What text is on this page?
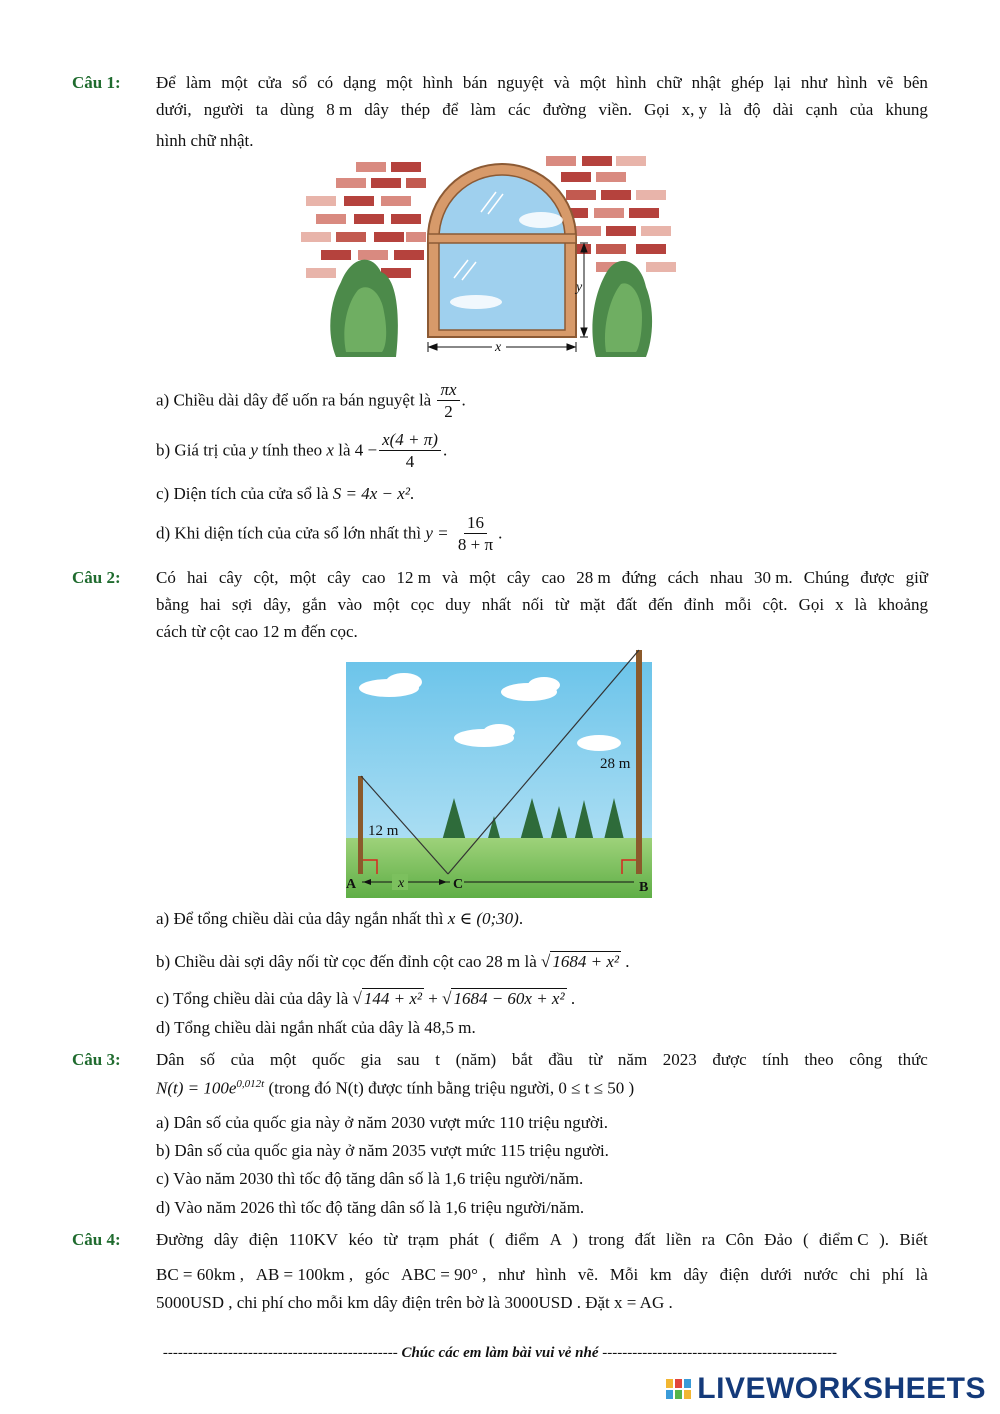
Câu 1: Để làm một cửa sổ có dạng một hình bán nguyệt và một hình chữ nhật ghép lại như hình vẽ bên
dưới, người ta dùng 8 m dây thép để làm các đường viền. Gọi x, y là độ dài cạnh của khung
hình chữ nhật.
y
x
a) Chiều dài dây để uốn ra bán nguyệt là $\frac{\pi x}{2}$ .
b) Giá trị của y tính theo x là $4 - \frac{x(4 + \pi)}{4}$ .
c) Diện tích của cửa sổ là S = 4x − x².
d) Khi diện tích của cửa sổ lớn nhất thì $y = \frac{16}{8 + \pi}$ .
Câu 2: Có hai cây cột, một cây cao 12 m và một cây cao 28 m đứng cách nhau 30 m. Chúng được giữ
bằng hai sợi dây, gắn vào một cọc duy nhất nối từ mặt đất đến đỉnh mỗi cột. Gọi x là khoảng
cách từ cột cao 12 m đến cọc.
x
A	C	B
28 m
12 m
a) Để tổng chiều dài của dây ngắn nhất thì x ∈ (0;30).
b) Chiều dài sợi dây nối từ cọc đến đỉnh cột cao 28 m là √ 1684 + x² .
c) Tổng chiều dài của dây là √ 144 + x² + √ 1684 − 60x + x² .
d) Tổng chiều dài ngắn nhất của dây là 48,5 m.
Câu 3: Dân số của một quốc gia sau t (năm) bắt đầu từ năm 2023 được tính theo công thức
$N(t) = 100e^{0,012t}$ (trong đó N(t) được tính bằng triệu người, 0 ≤ t ≤ 50 )
a) Dân số của quốc gia này ở năm 2030 vượt mức 110 triệu người.
b) Dân số của quốc gia này ở năm 2035 vượt mức 115 triệu người.
c) Vào năm 2030 thì tốc độ tăng dân số là 1,6 triệu người/năm.
d) Vào năm 2026 thì tốc độ tăng dân số là 1,6 triệu người/năm.
Câu 4: Đường dây điện 110KV kéo từ trạm phát ( điểm A ) trong đất liền ra Côn Đảo ( điểm C ). Biết
BC = 60km , AB = 100km , góc ABC = 90° , như hình vẽ. Mỗi km dây điện dưới nước chi phí là
5000USD , chi phí cho mỗi km dây điện trên bờ là 3000USD . Đặt x = AG .
----------------------------------------------- Chúc các em làm bài vui vẻ nhé -----------------------------------------------
LIVEWORKSHEETS
